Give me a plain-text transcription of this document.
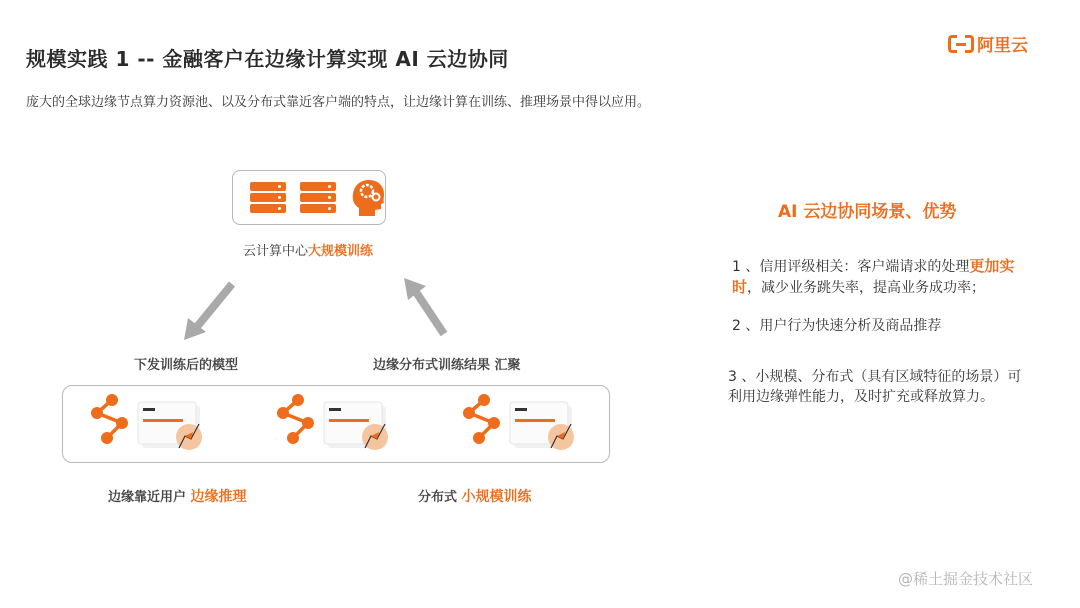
规模实践 1 -- 金融客户在边缘计算实现 AI 云边协同
庞大的全球边缘节点算力资源池、以及分布式靠近客户端的特点，让边缘计算在训练、推理场景中得以应用。
阿里云
云计算中心大规模训练
下发训练后的模型	边缘分布式训练结果 汇聚
边缘靠近用户 边缘推理	分布式 小规模训练
AI 云边协同场景、优势
1 、信用评级相关：客户端请求的处理更加实时，减少业务跳失率，提高业务成功率；
2 、用户行为快速分析及商品推荐
3 、小规模、分布式（具有区域特征的场景）可利用边缘弹性能力，及时扩充或释放算力。
@稀土掘金技术社区
